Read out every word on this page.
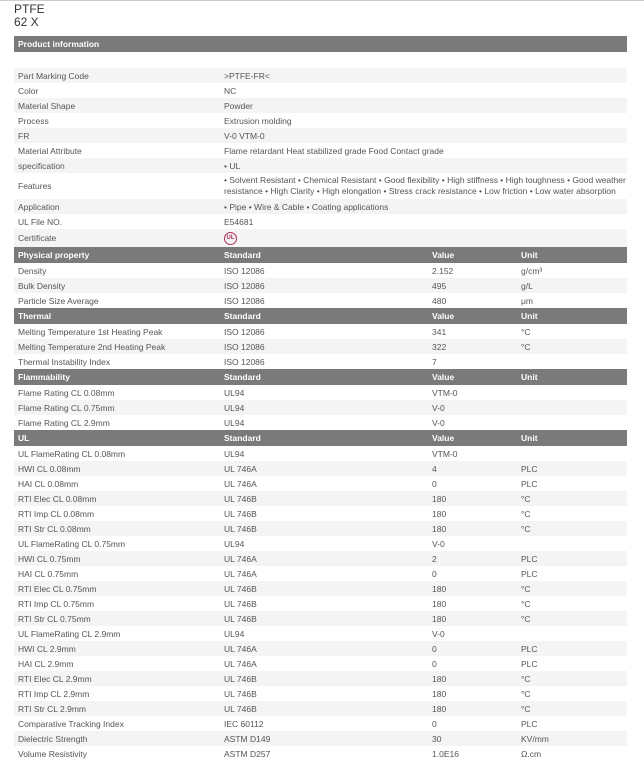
PTFE
62 X
Product information	

Part Marking Code	>PTFE-FR<
Color	NC
Material Shape	Powder
Process	Extrusion molding
FR	V-0 VTM-0
Material Attribute	Flame retardant Heat stabilized grade Food Contact grade
specification	• UL
Features	• Solvent Resistant • Chemical Resistant • Good flexibility • High stiffness • High toughness • Good weather resistance • High Clarity • High elongation • Stress crack resistance • Low friction • Low water absorption
Application	• Pipe • Wire & Cable • Coating applications
UL File NO.	E54681
Certificate	UL
Physical property	Standard	Value	Unit
Density	ISO 12086	2.152	g/cm³
Bulk Density	ISO 12086	495	g/L
Particle Size Average	ISO 12086	480	μm
Thermal	Standard	Value	Unit
Melting Temperature 1st Heating Peak	ISO 12086	341	°C
Melting Temperature 2nd Heating Peak	ISO 12086	322	°C
Thermal Instability Index	ISO 12086	7	
Flammability	Standard	Value	Unit
Flame Rating CL 0.08mm	UL94	VTM-0	
Flame Rating CL 0.75mm	UL94	V-0	
Flame Rating CL 2.9mm	UL94	V-0	
UL	Standard	Value	Unit
UL FlameRating CL 0.08mm	UL94	VTM-0	
HWI CL 0.08mm	UL 746A	4	PLC
HAI CL 0.08mm	UL 746A	0	PLC
RTI Elec CL 0.08mm	UL 746B	180	°C
RTI Imp CL 0.08mm	UL 746B	180	°C
RTI Str CL 0.08mm	UL 746B	180	°C
UL FlameRating CL 0.75mm	UL94	V-0	
HWI CL 0.75mm	UL 746A	2	PLC
HAI CL 0.75mm	UL 746A	0	PLC
RTI Elec CL 0.75mm	UL 746B	180	°C
RTI Imp CL 0.75mm	UL 746B	180	°C
RTI Str CL 0.75mm	UL 746B	180	°C
UL FlameRating CL 2.9mm	UL94	V-0	
HWI CL 2.9mm	UL 746A	0	PLC
HAI CL 2.9mm	UL 746A	0	PLC
RTI Elec CL 2.9mm	UL 746B	180	°C
RTI Imp CL 2.9mm	UL 746B	180	°C
RTI Str CL 2.9mm	UL 746B	180	°C
Comparative Tracking Index	IEC 60112	0	PLC
Dielectric Strength	ASTM D149	30	KV/mm
Volume Resistivity	ASTM D257	1.0E16	Ω.cm
